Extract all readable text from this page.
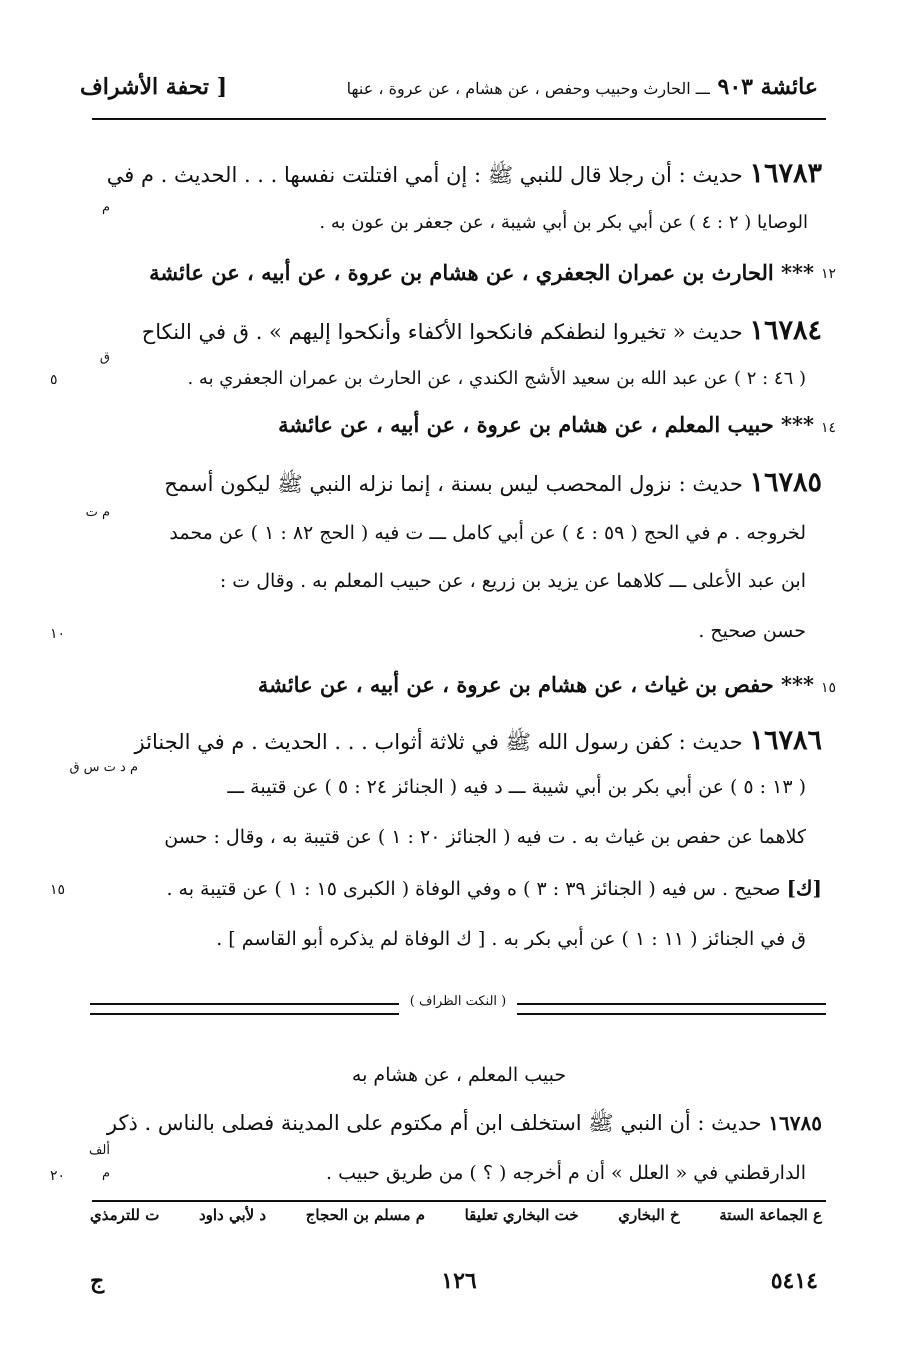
عائشة ٩٠٣ ـــ الحارث وحبيب وحفص ، عن هشام ، عن عروة ، عنها
[ تحفة الأشراف
١٦٧٨٣ حديث : أن رجلا قال للنبي ﷺ : إن أمي افتلتت نفسها . . . الحديث . م في
م
الوصايا ( ٢ : ٤ ) عن أبي بكر بن أبي شيبة ، عن جعفر بن عون به .
١٢
*** الحارث بن عمران الجعفري ، عن هشام بن عروة ، عن أبيه ، عن عائشة
١٦٧٨٤ حديث « تخيروا لنطفكم فانكحوا الأكفاء وأنكحوا إليهم » . ق في النكاح
ق
( ٤٦ : ٢ ) عن عبد الله بن سعيد الأشج الكندي ، عن الحارث بن عمران الجعفري به .
٥
١٤
*** حبيب المعلم ، عن هشام بن عروة ، عن أبيه ، عن عائشة
١٦٧٨٥ حديث : نزول المحصب ليس بسنة ، إنما نزله النبي ﷺ ليكون أسمح
م ت
لخروجه . م في الحج ( ٥٩ : ٤ ) عن أبي كامل ـــ ت فيه ( الحج ٨٢ : ١ ) عن محمد
ابن عبد الأعلى ـــ كلاهما عن يزيد بن زريع ، عن حبيب المعلم به . وقال ت :
حسن صحيح .
١٠
١٥
*** حفص بن غياث ، عن هشام بن عروة ، عن أبيه ، عن عائشة
١٦٧٨٦ حديث : كفن رسول الله ﷺ في ثلاثة أثواب . . . الحديث . م في الجنائز
م د ت س ق
( ١٣ : ٥ ) عن أبي بكر بن أبي شيبة ـــ د فيه ( الجنائز ٢٤ : ٥ ) عن قتيبة ـــ
كلاهما عن حفص بن غياث به . ت فيه ( الجنائز ٢٠ : ١ ) عن قتيبة به ، وقال : حسن
[ك] صحيح . س فيه ( الجنائز ٣٩ : ٣ ) ه وفي الوفاة ( الكبرى ١٥ : ١ ) عن قتيبة به .
١٥
ق في الجنائز ( ١١ : ١ ) عن أبي بكر به . [ ك الوفاة لم يذكره أبو القاسم ] .
( النكت الظراف )
حبيب المعلم ، عن هشام به
١٦٧٨٥ حديث : أن النبي ﷺ استخلف ابن أم مكتوم على المدينة فصلى بالناس . ذكر
ألف
م	الدارقطني في « العلل » أن م أخرجه ( ؟ ) من طريق حبيب .
٢٠
ع الجماعة الستة
خ البخاري
خت البخاري تعليقا
م مسلم بن الحجاج
د لأبي داود
ت للترمذي
٥٤١٤
١٢٦
ج
